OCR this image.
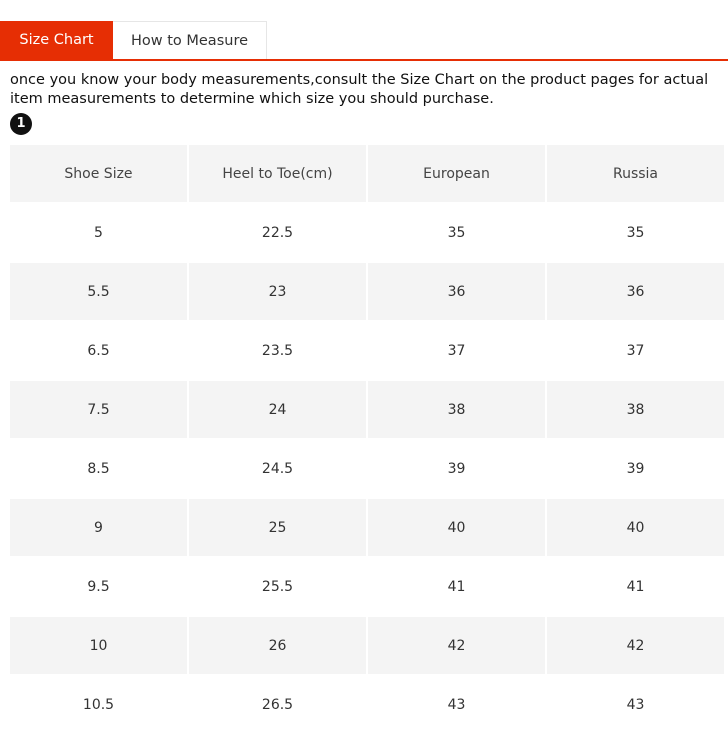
Size Chart	How to Measure

once you know your body measurements,consult the Size Chart on the product pages for actual item measurements to determine which size you should purchase.

1
Shoe Size	Heel to Toe(cm)	European	Russia
5	22.5	35	35
5.5	23	36	36
6.5	23.5	37	37
7.5	24	38	38
8.5	24.5	39	39
9	25	40	40
9.5	25.5	41	41
10	26	42	42
10.5	26.5	43	43
